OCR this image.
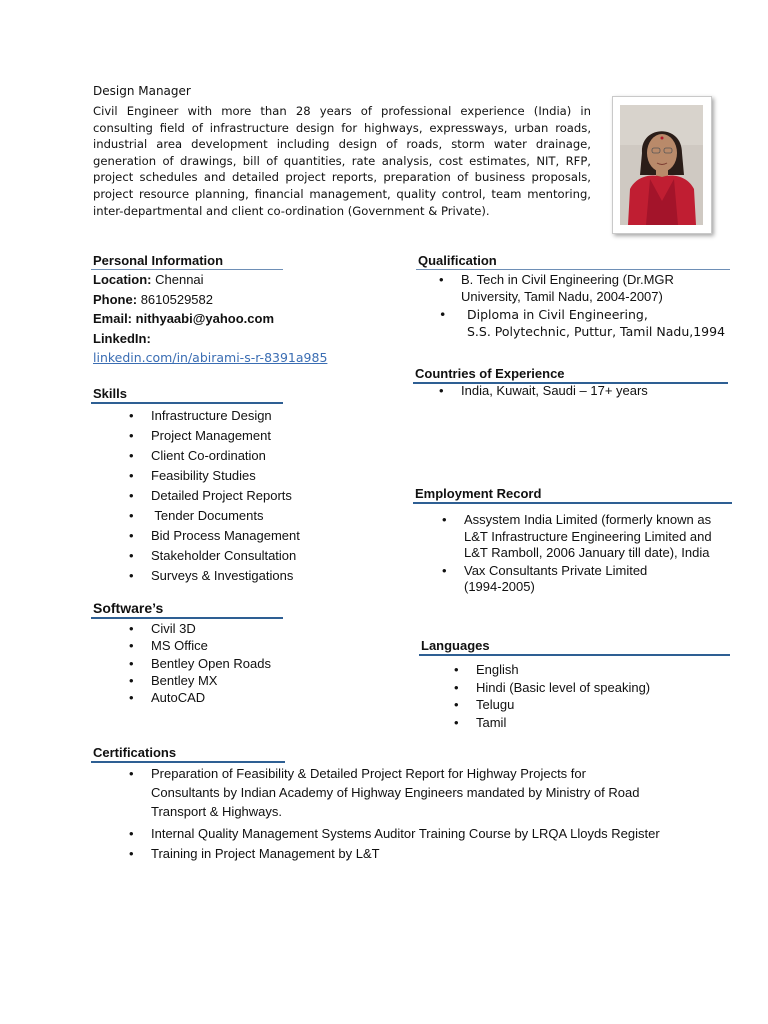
Design Manager
Civil Engineer with more than 28 years of professional experience (India) in consulting field of infrastructure design for highways, expressways, urban roads, industrial area development including design of roads, storm water drainage, generation of drawings, bill of quantities, rate analysis, cost estimates, NIT, RFP, project schedules and detailed project reports, preparation of business proposals, project resource planning, financial management, quality control, team mentoring, inter-departmental and client co-ordination (Government & Private).
Personal Information
Location: Chennai
Phone: 8610529582
Email: nithyaabi@yahoo.com
LinkedIn:
linkedin.com/in/abirami-s-r-8391a985
Qualification
• B. Tech in Civil Engineering (Dr.MGR
University, Tamil Nadu, 2004-2007)
•	Diploma in Civil Engineering,
S.S. Polytechnic, Puttur, Tamil Nadu,1994
Countries of Experience
• India, Kuwait, Saudi – 17+ years
Skills
• Infrastructure Design
• Project Management
• Client Co-ordination
• Feasibility Studies
• Detailed Project Reports
• Tender Documents
• Bid Process Management
• Stakeholder Consultation
• Surveys & Investigations
Employment Record
• Assystem India Limited (formerly known as
L&T Infrastructure Engineering Limited and
L&T Ramboll, 2006 January till date), India
• Vax Consultants Private Limited
(1994-2005)
Software’s
• Civil 3D
• MS Office
• Bentley Open Roads
• Bentley MX
• AutoCAD
Languages
• English
• Hindi (Basic level of speaking)
• Telugu
• Tamil
Certifications
• Preparation of Feasibility & Detailed Project Report for Highway Projects for
Consultants by Indian Academy of Highway Engineers mandated by Ministry of Road
Transport & Highways.
• Internal Quality Management Systems Auditor Training Course by LRQA Lloyds Register
• Training in Project Management by L&T
